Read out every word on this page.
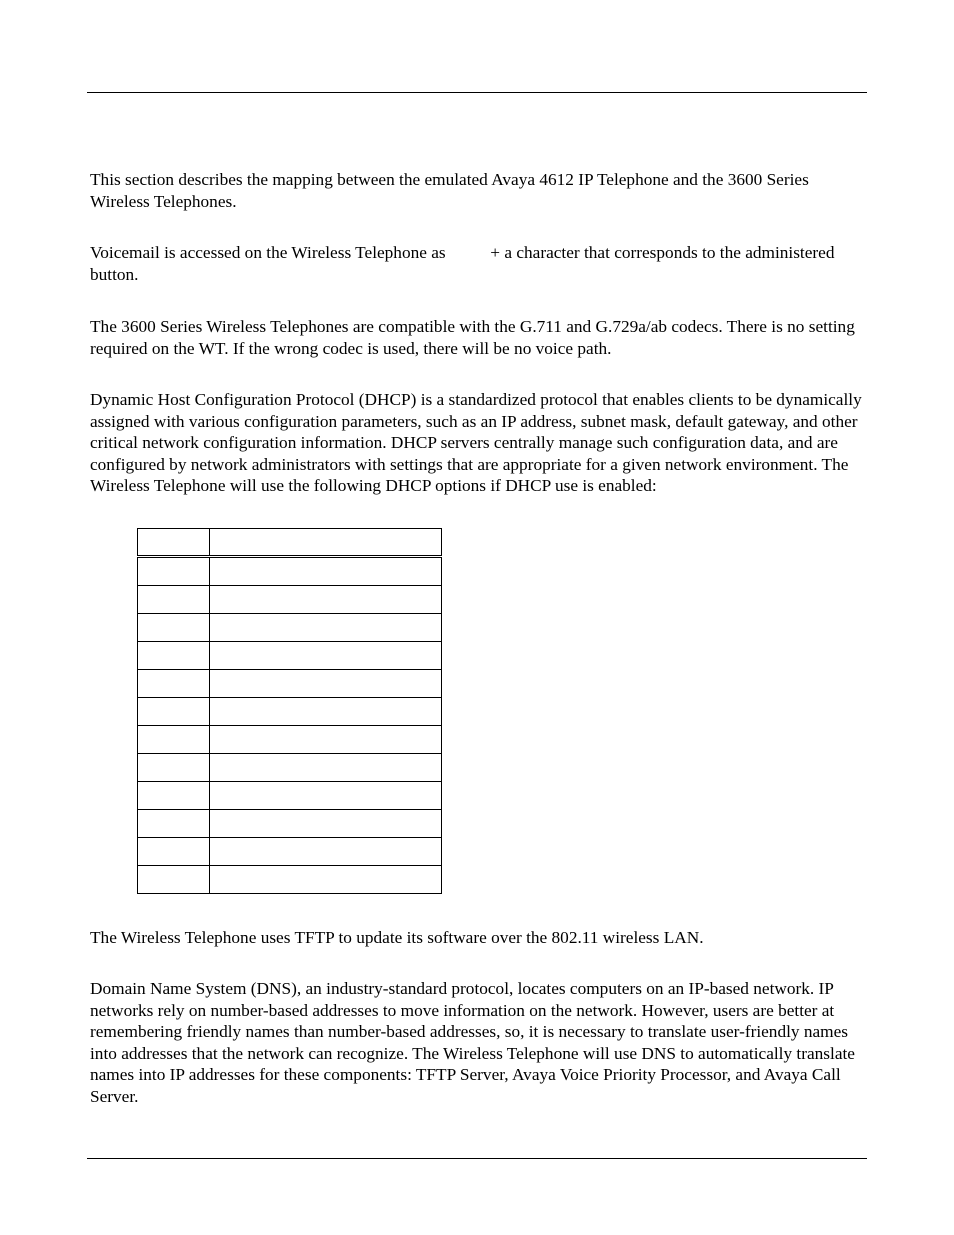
This section describes the mapping between the emulated Avaya 4612 IP Telephone and the 3600 Series Wireless Telephones.

Voicemail is accessed on the Wireless Telephone as	+ a character that corresponds to the administered button.

The 3600 Series Wireless Telephones are compatible with the G.711 and G.729a/ab codecs. There is no setting required on the WT. If the wrong codec is used, there will be no voice path.

Dynamic Host Configuration Protocol (DHCP) is a standardized protocol that enables clients to be dynamically assigned with various configuration parameters, such as an IP address, subnet mask, default gateway, and other critical network configuration information. DHCP servers centrally manage such configuration data, and are configured by network administrators with settings that are appropriate for a given network environment. The Wireless Telephone will use the following DHCP options if DHCP use is enabled:

The Wireless Telephone uses TFTP to update its software over the 802.11 wireless LAN.

Domain Name System (DNS), an industry-standard protocol, locates computers on an IP-based network. IP networks rely on number-based addresses to move information on the network. However, users are better at remembering friendly names than number-based addresses, so, it is necessary to translate user-friendly names into addresses that the network can recognize. The Wireless Telephone will use DNS to automatically translate names into IP addresses for these components: TFTP Server, Avaya Voice Priority Processor, and Avaya Call Server.
